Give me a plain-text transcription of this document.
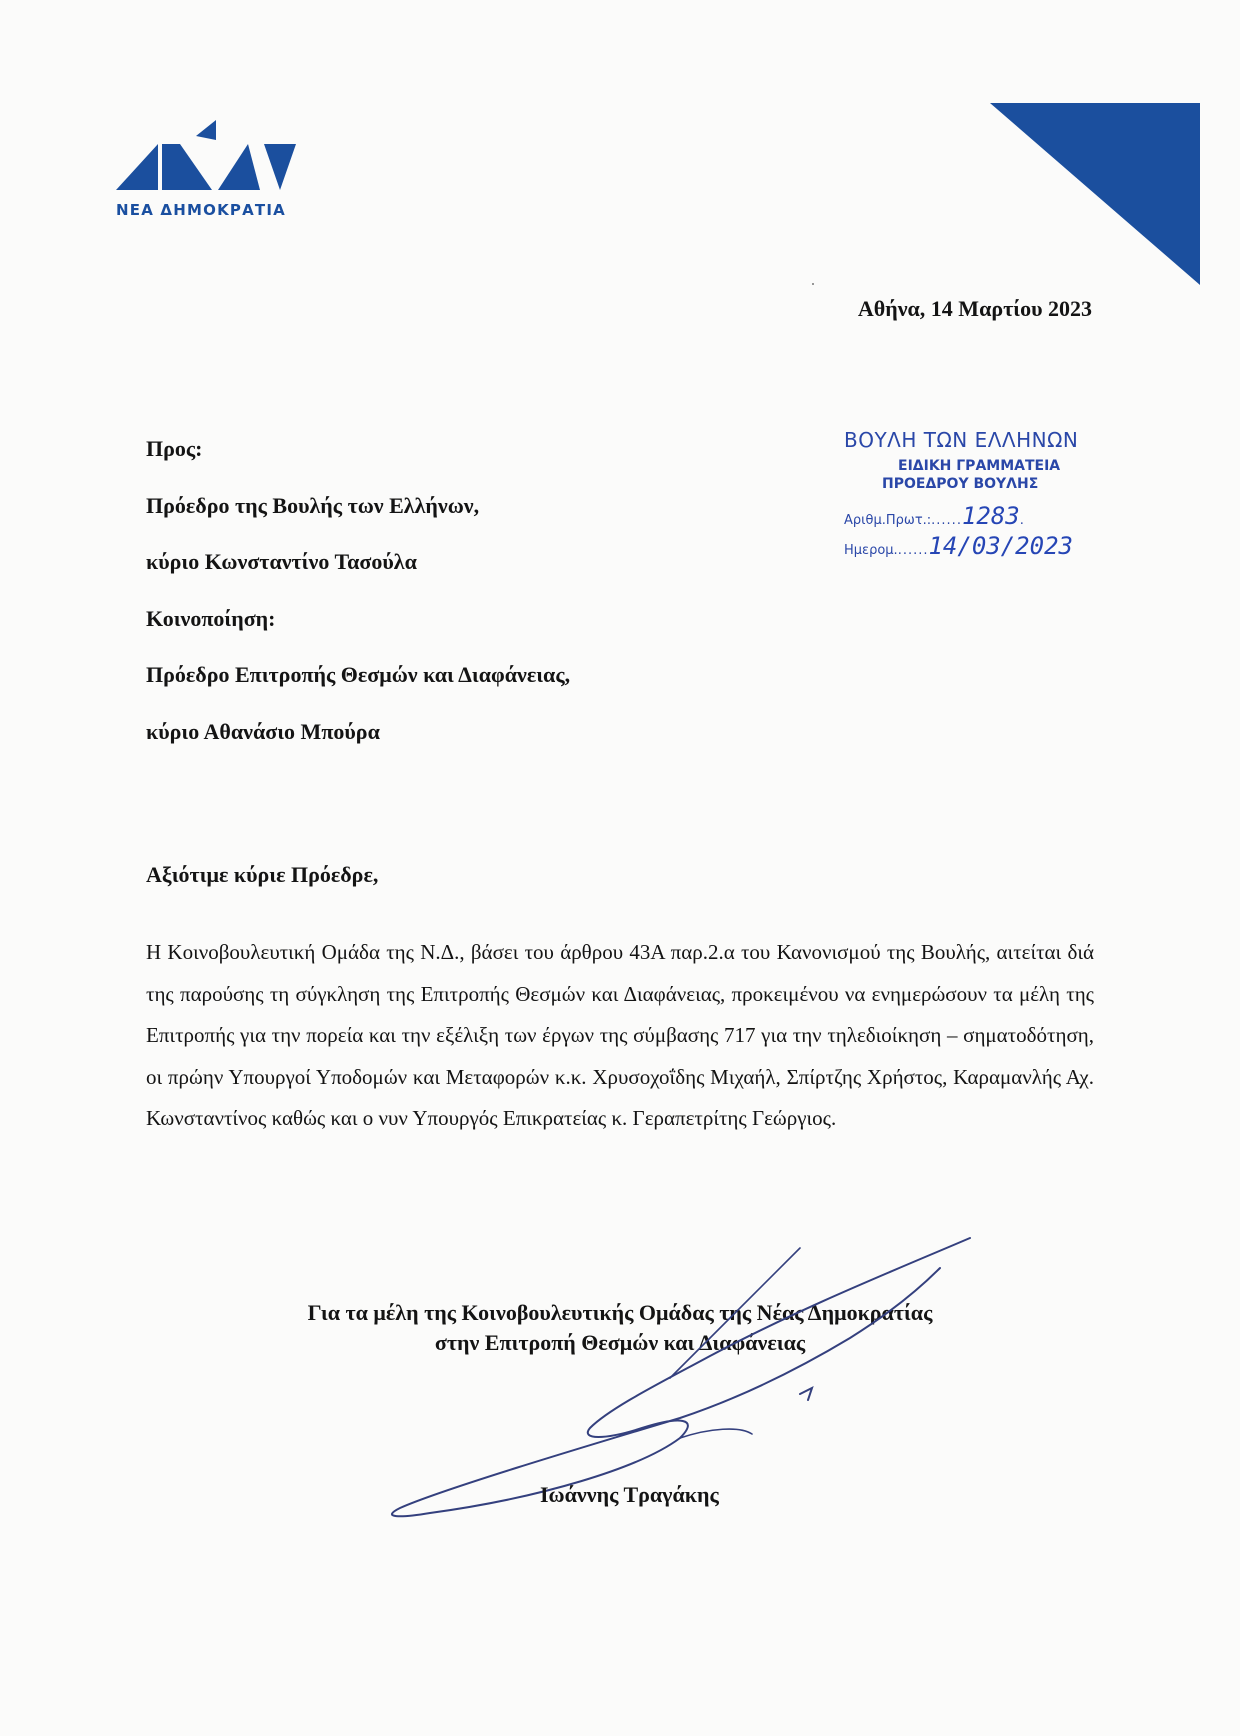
ΝΕΑ ΔΗΜΟΚΡΑΤΙΑ
Αθήνα, 14 Μαρτίου 2023
Προς:
Πρόεδρο της Βουλής των Ελλήνων,
κύριο Κωνσταντίνο Τασούλα
Κοινοποίηση:
Πρόεδρο Επιτροπής Θεσμών και Διαφάνειας,
κύριο Αθανάσιο Μπούρα
ΒΟΥΛΗ ΤΩΝ ΕΛΛΗΝΩΝ
ΕΙΔΙΚΗ ΓΡΑΜΜΑΤΕΙΑ
ΠΡΟΕΔΡΟΥ ΒΟΥΛΗΣ
Αριθμ.Πρωτ.:......1283.
Ημερομ.......14/03/2023
Αξιότιμε κύριε Πρόεδρε,
Η Κοινοβουλευτική Ομάδα της Ν.Δ., βάσει του άρθρου 43Α παρ.2.α του Κανονισμού της Βουλής, αιτείται διά της παρούσης τη σύγκληση της Επιτροπής Θεσμών και Διαφάνειας, προκειμένου να ενημερώσουν τα μέλη της Επιτροπής για την πορεία και την εξέλιξη των έργων της σύμβασης 717 για την τηλεδιοίκηση – σηματοδότηση, οι πρώην Υπουργοί Υποδομών και Μεταφορών κ.κ. Χρυσοχοΐδης Μιχαήλ, Σπίρτζης Χρήστος, Καραμανλής Αχ. Κωνσταντίνος καθώς και ο νυν Υπουργός Επικρατείας κ. Γεραπετρίτης Γεώργιος.
Για τα μέλη της Κοινοβουλευτικής Ομάδας της Νέας Δημοκρατίας
στην Επιτροπή Θεσμών και Διαφάνειας
Ιωάννης Τραγάκης
